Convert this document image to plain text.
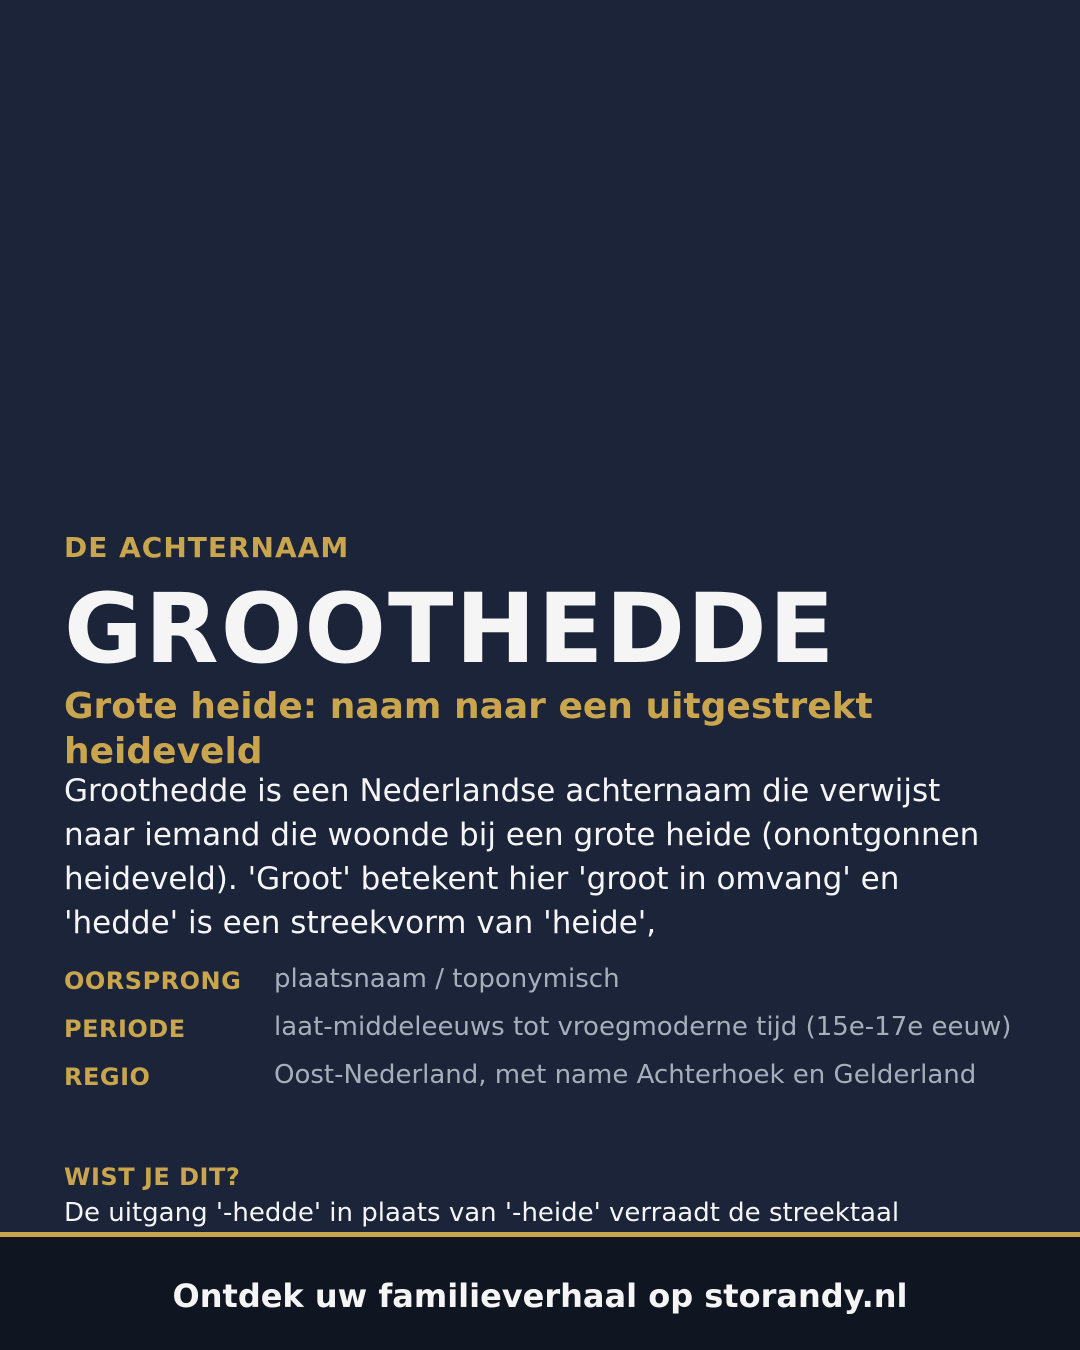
DE ACHTERNAAM
GROOTHEDDE
Grote heide: naam naar een uitgestrekt heideveld
Groothedde is een Nederlandse achternaam die verwijst naar iemand die woonde bij een grote heide (onontgonnen heideveld). 'Groot' betekent hier 'groot in omvang' en 'hedde' is een streekvorm van 'heide',
OORSPRONG	plaatsnaam / toponymisch
PERIODE	laat-middeleeuws tot vroegmoderne tijd (15e-17e eeuw)
REGIO	Oost-Nederland, met name Achterhoek en Gelderland
WIST JE DIT?
De uitgang '-hedde' in plaats van '-heide' verraadt de streektaal
Ontdek uw familieverhaal op storandy.nl
